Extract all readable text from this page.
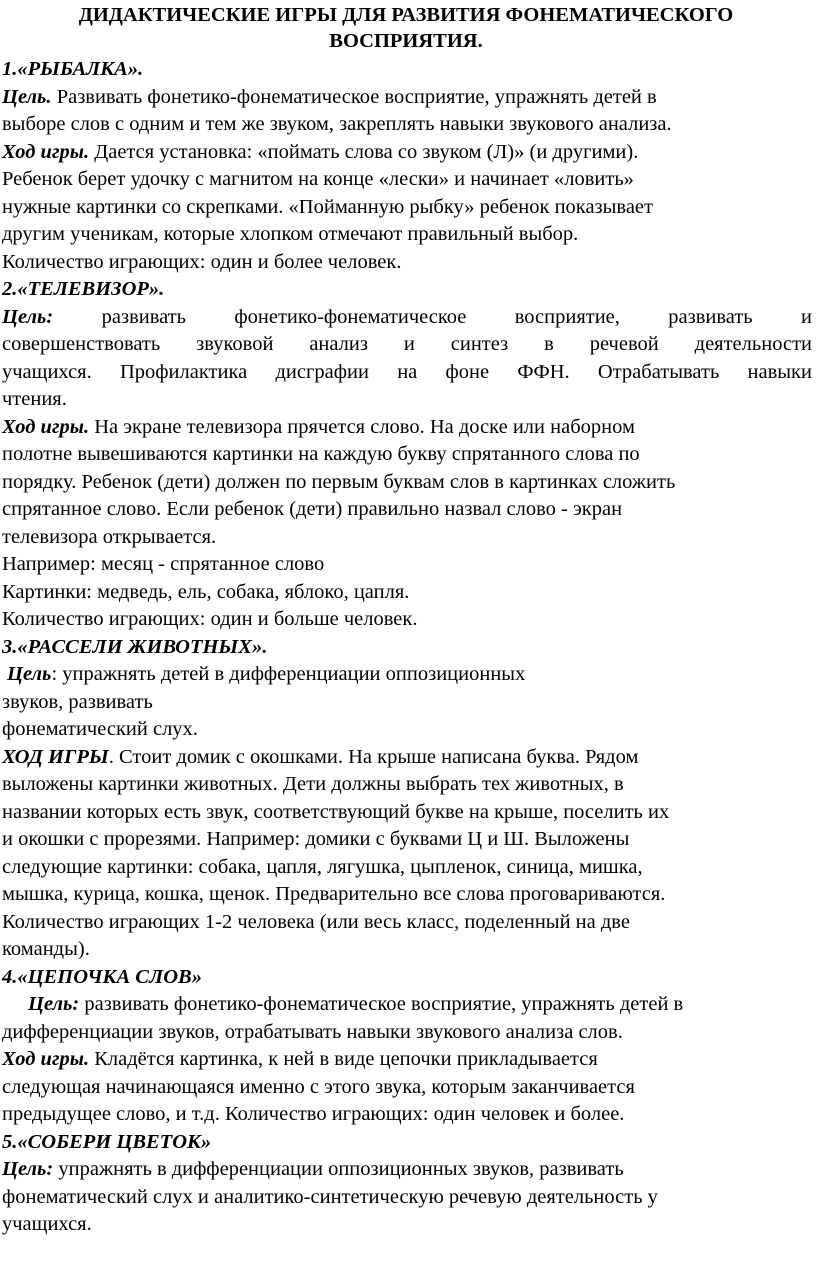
ДИДАКТИЧЕСКИЕ ИГРЫ ДЛЯ РАЗВИТИЯ ФОНЕМАТИЧЕСКОГО
ВОСПРИЯТИЯ.
1.«РЫБАЛКА».
Цель. Развивать фонетико-фонематическое восприятие, упражнять детей в
выборе слов с одним и тем же звуком, закреплять навыки звукового анализа.
Ход игры. Дается установка: «поймать слова со звуком (Л)» (и другими).
Ребенок берет удочку с магнитом на конце «лески» и начинает «ловить»
нужные картинки со скрепками. «Пойманную рыбку» ребенок показывает
другим ученикам, которые хлопком отмечают правильный выбор.
Количество играющих: один и более человек.
2.«ТЕЛЕВИЗОР».
Цель: развивать фонетико-фонематическое восприятие, развивать и
совершенствовать звуковой анализ и синтез в речевой деятельности
учащихся. Профилактика дисграфии на фоне ФФН. Отрабатывать навыки
чтения.
Ход игры. На экране телевизора прячется слово. На доске или наборном
полотне вывешиваются картинки на каждую букву спрятанного слова по
порядку. Ребенок (дети) должен по первым буквам слов в картинках сложить
спрятанное слово. Если ребенок (дети) правильно назвал слово - экран
телевизора открывается.
Например: месяц - спрятанное слово
Картинки: медведь, ель, собака, яблоко, цапля.
Количество играющих: один и больше человек.
3.«РАССЕЛИ ЖИВОТНЫХ».
Цель: упражнять детей в дифференциации оппозиционных
звуков, развивать
фонематический слух.
ХОД ИГРЫ. Стоит домик с окошками. На крыше написана буква. Рядом
выложены картинки животных. Дети должны выбрать тех животных, в
названии которых есть звук, соответствующий букве на крыше, поселить их
и окошки с прорезями. Например: домики с буквами Ц и Ш. Выложены
следующие картинки: собака, цапля, лягушка, цыпленок, синица, мишка,
мышка, курица, кошка, щенок. Предварительно все слова проговариваются.
Количество играющих 1-2 человека (или весь класс, поделенный на две
команды).
4.«ЦЕПОЧКА СЛОВ»
Цель: развивать фонетико-фонематическое восприятие, упражнять детей в
дифференциации звуков, отрабатывать навыки звукового анализа слов.
Ход игры. Кладётся картинка, к ней в виде цепочки прикладывается
следующая начинающаяся именно с этого звука, которым заканчивается
предыдущее слово, и т.д. Количество играющих: один человек и более.
5.«СОБЕРИ ЦВЕТОК»
Цель: упражнять в дифференциации оппозиционных звуков, развивать
фонематический слух и аналитико-синтетическую речевую деятельность у
учащихся.
